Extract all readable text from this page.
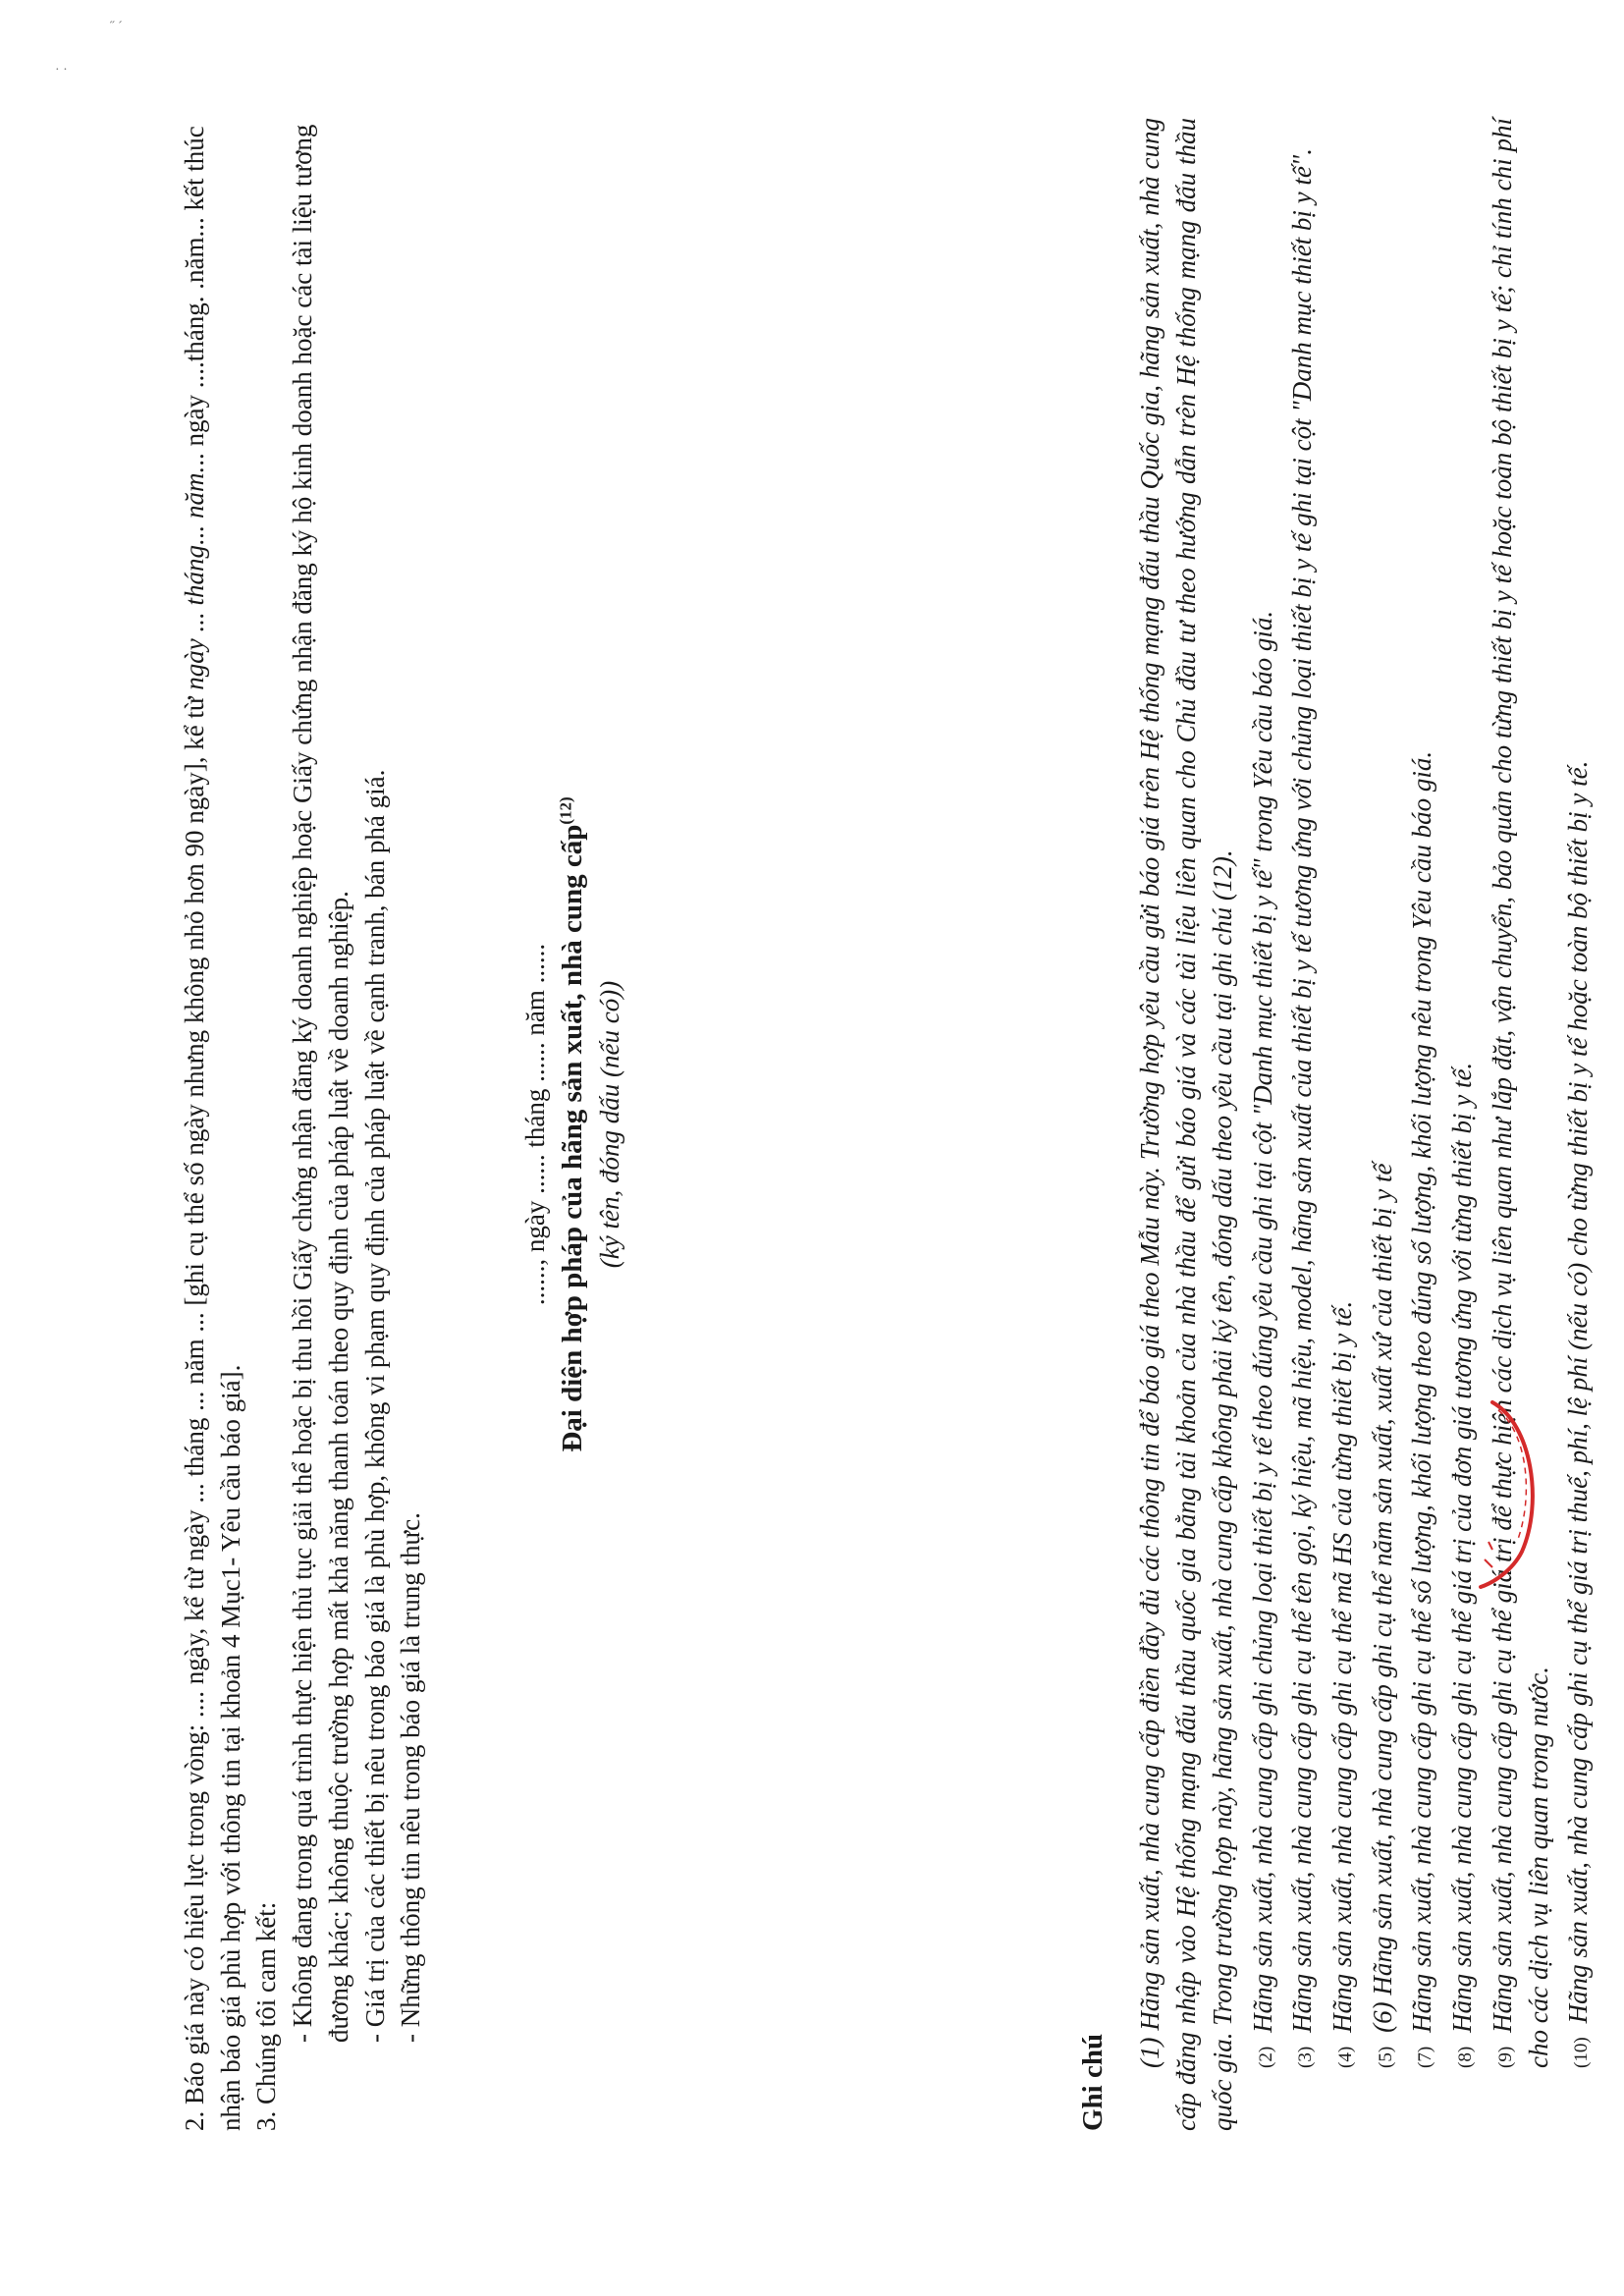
˝ ˊ
· ·

2. Báo giá này có hiệu lực trong vòng: .... ngày, kể từ ngày ... tháng ... năm ... [ghi cụ thể số ngày nhưng không nhỏ hơn 90 ngày], kể từ ngày ... tháng... năm... ngày ....tháng. .năm... kết thúc nhận báo giá phù hợp với thông tin tại khoản 4 Mục1- Yêu cầu báo giá]. 3. Chúng tôi cam kết: - Không đang trong quá trình thực hiện thủ tục giải thể hoặc bị thu hồi Giấy chứng nhận đăng ký doanh nghiệp hoặc Giấy chứng nhận đăng ký hộ kinh doanh hoặc các tài liệu tương đương khác; không thuộc trường hợp mất khả năng thanh toán theo quy định của pháp luật về doanh nghiệp. - Giá trị của các thiết bị nêu trong báo giá là phù hợp, không vi phạm quy định của pháp luật về cạnh tranh, bán phá giá. - Những thông tin nêu trong báo giá là trung thực.

......, ngày ...... tháng ...... năm ...... Đại diện hợp pháp của hãng sản xuất, nhà cung cấp$^{(12)}$
(ký tên, đóng dấu (nếu có))
Ghi chú

(1) Hãng sản xuất, nhà cung cấp điền đầy đủ các thông tin để báo giá theo Mẫu này. Trường hợp yêu cầu gửi báo giá trên Hệ thống mạng đấu thầu Quốc gia, hãng sản xuất, nhà cung cấp đăng nhập vào Hệ thống mạng đấu thầu quốc gia bằng tài khoản của nhà thầu để gửi báo giá và các tài liệu liên quan cho Chủ đầu tư theo hướng dẫn trên Hệ thống mạng đấu thầu quốc gia. Trong trường hợp này, hãng sản xuất, nhà cung cấp không phải ký tên, đóng dấu theo yêu cầu tại ghi chú (12). (2)Hãng sản xuất, nhà cung cấp ghi chủng loại thiết bị y tế theo đúng yêu cầu ghi tại cột "Danh mục thiết bị y tế" trong Yêu cầu báo giá.

(3)Hãng sản xuất, nhà cung cấp ghi cụ thể tên gọi, ký hiệu, mã hiệu, model, hãng sản xuất của thiết bị y tế tương ứng với chủng loại thiết bị y tế ghi tại cột "Danh mục thiết bị y tế".

(4)Hãng sản xuất, nhà cung cấp ghi cụ thể mã HS của từng thiết bị y tế.

(5)(6) Hãng sản xuất, nhà cung cấp ghi cụ thể năm sản xuất, xuất xứ của thiết bị y tế

(7)Hãng sản xuất, nhà cung cấp ghi cụ thể số lượng, khối lượng theo đúng số lượng, khối lượng nêu trong Yêu cầu báo giá.

(8)Hãng sản xuất, nhà cung cấp ghi cụ thể giá trị của đơn giá tương ứng với từng thiết bị y tế.

(9)Hãng sản xuất, nhà cung cấp ghi cụ thể giá trị để thực hiện các dịch vụ liên quan như lắp đặt, vận chuyển, bảo quản cho từng thiết bị y tế hoặc toàn bộ thiết bị y tế; chỉ tính chi phí cho các dịch vụ liên quan trong nước. (10)Hãng sản xuất, nhà cung cấp ghi cụ thể giá trị thuế, phí, lệ phí (nếu có) cho từng thiết bị y tế hoặc toàn bộ thiết bị y tế.
